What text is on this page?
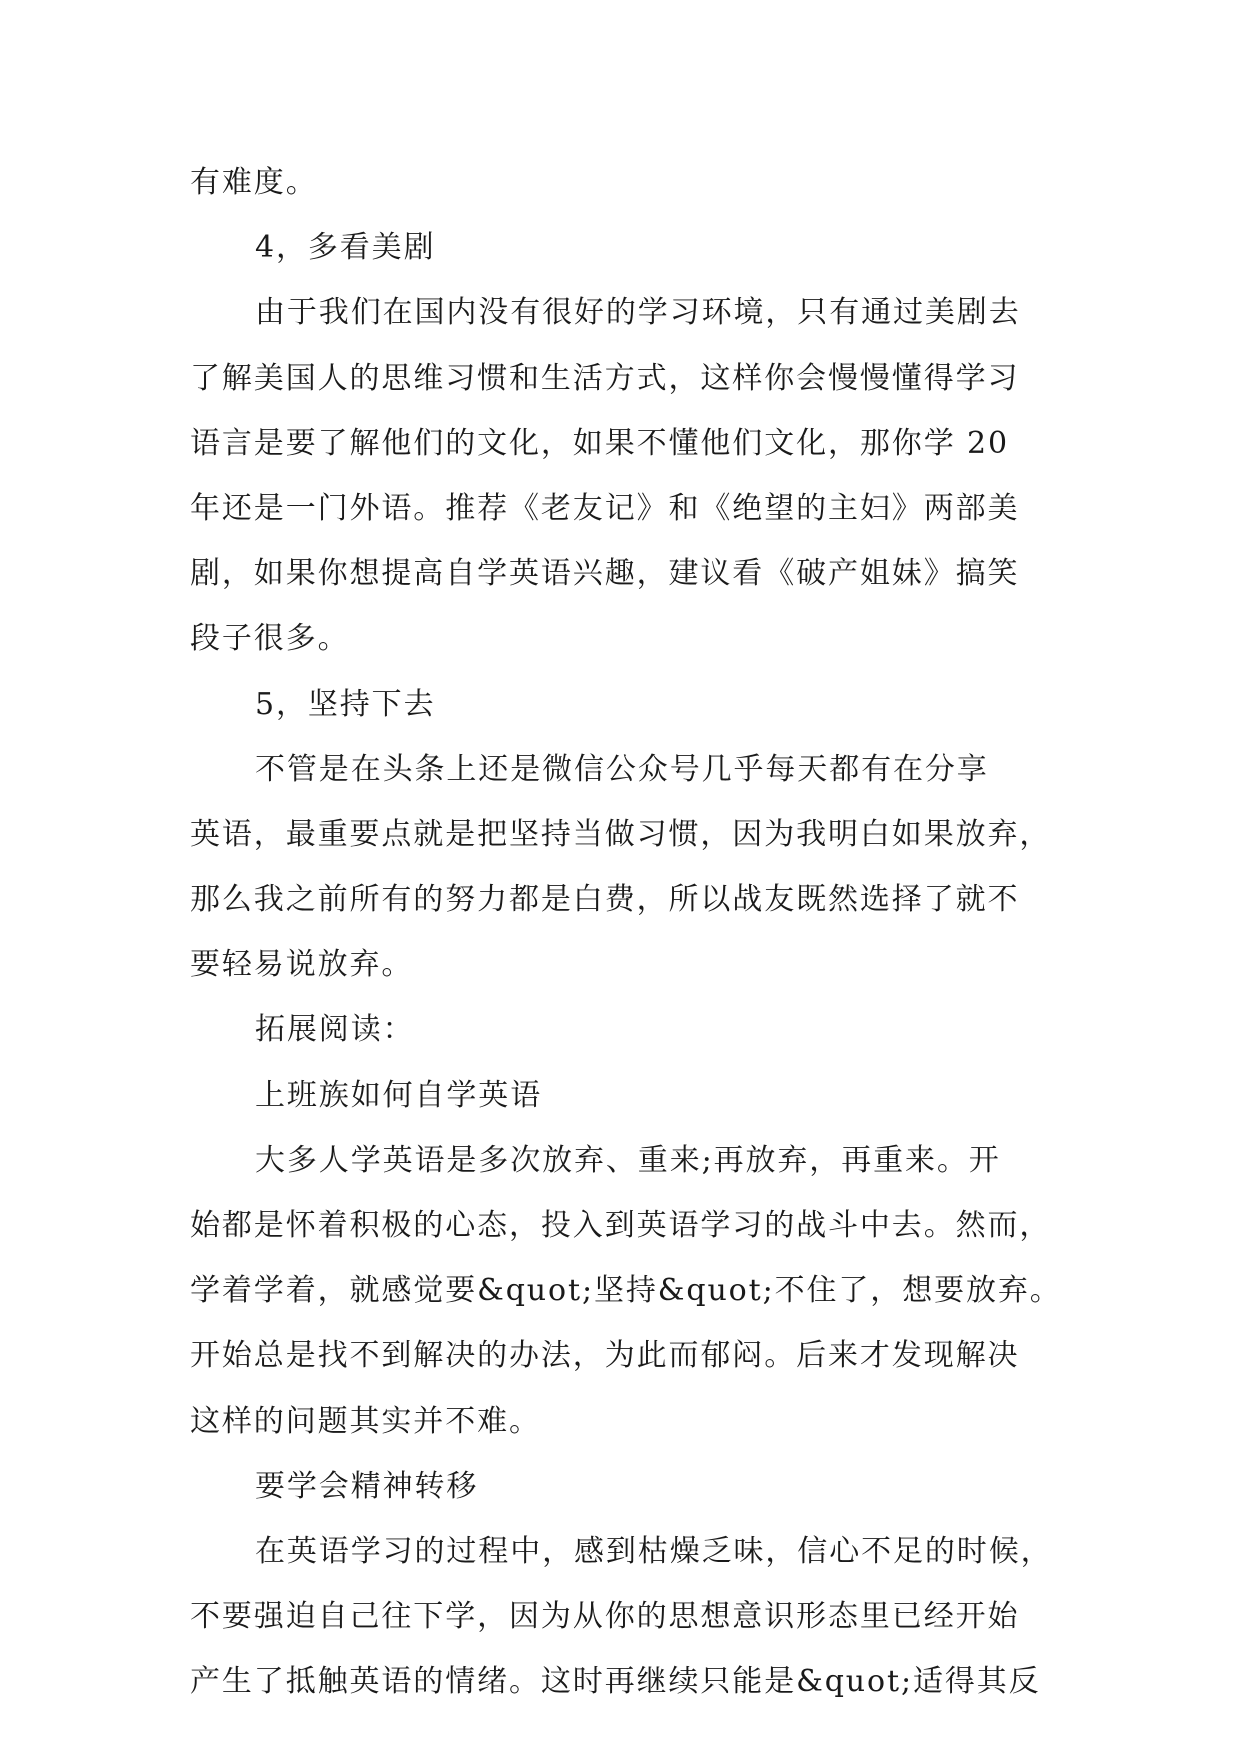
有难度。
4，多看美剧
由于我们在国内没有很好的学习环境，只有通过美剧去
了解美国人的思维习惯和生活方式，这样你会慢慢懂得学习
语言是要了解他们的文化，如果不懂他们文化，那你学 20
年还是一门外语。推荐《老友记》和《绝望的主妇》两部美
剧，如果你想提高自学英语兴趣，建议看《破产姐妹》搞笑
段子很多。
5，坚持下去
不管是在头条上还是微信公众号几乎每天都有在分享
英语，最重要点就是把坚持当做习惯，因为我明白如果放弃，
那么我之前所有的努力都是白费，所以战友既然选择了就不
要轻易说放弃。
拓展阅读：
上班族如何自学英语
大多人学英语是多次放弃、重来;再放弃，再重来。开
始都是怀着积极的心态，投入到英语学习的战斗中去。然而，
学着学着，就感觉要&quot;坚持&quot;不住了，想要放弃。
开始总是找不到解决的办法，为此而郁闷。后来才发现解决
这样的问题其实并不难。
要学会精神转移
在英语学习的过程中，感到枯燥乏味，信心不足的时候，
不要强迫自己往下学，因为从你的思想意识形态里已经开始
产生了抵触英语的情绪。这时再继续只能是&quot;适得其反
